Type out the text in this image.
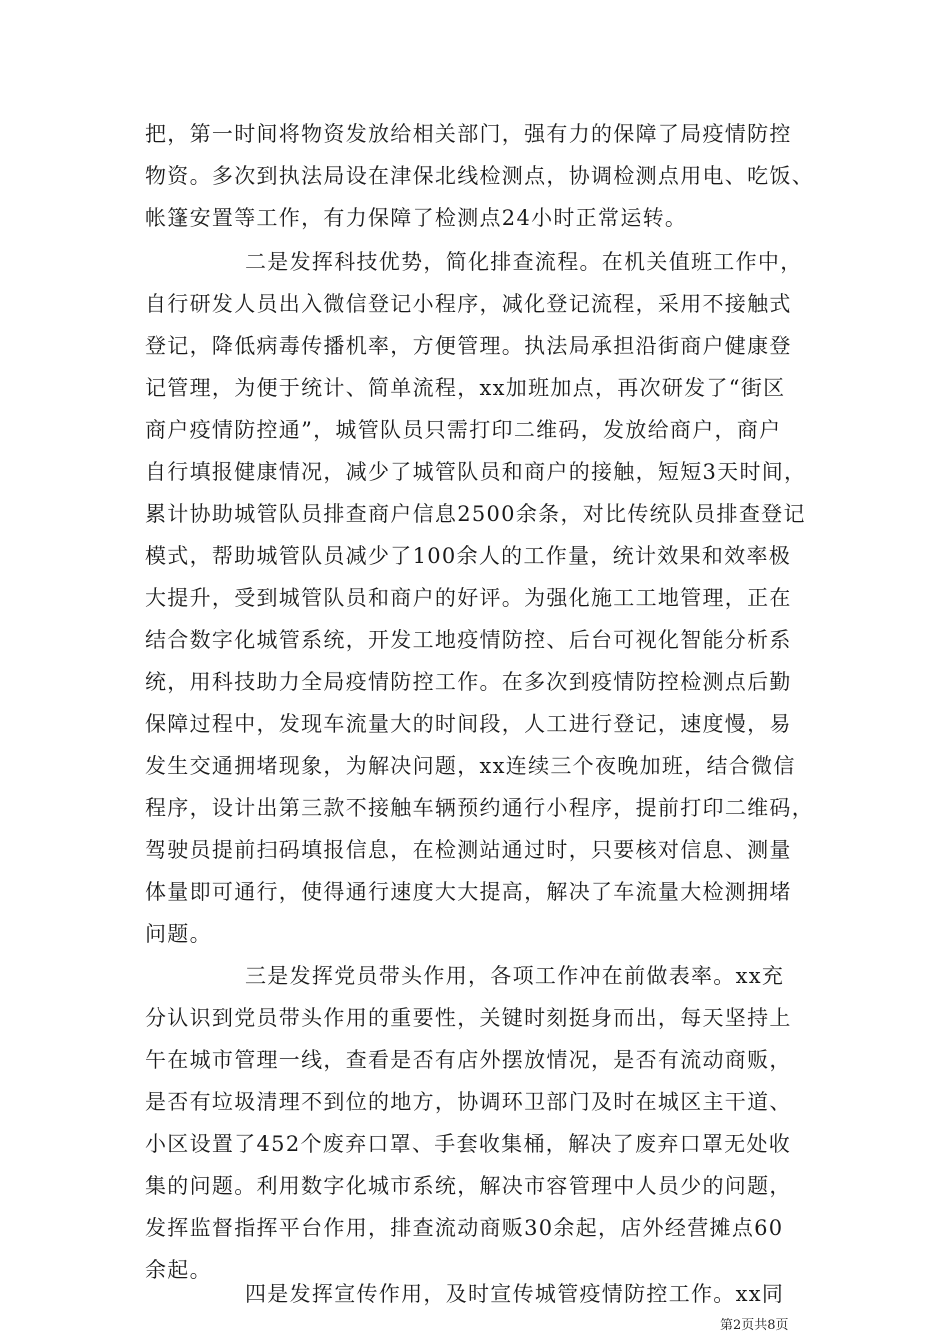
把，第一时间将物资发放给相关部门，强有力的保障了局疫情防控
物资。多次到执法局设在津保北线检测点，协调检测点用电、吃饭、
帐篷安置等工作，有力保障了检测点24小时正常运转。
二是发挥科技优势，简化排查流程。在机关值班工作中，
自行研发人员出入微信登记小程序，减化登记流程，采用不接触式
登记，降低病毒传播机率，方便管理。执法局承担沿街商户健康登
记管理，为便于统计、简单流程，xx加班加点，再次研发了“街区
商户疫情防控通”，城管队员只需打印二维码，发放给商户，商户
自行填报健康情况，减少了城管队员和商户的接触，短短3天时间，
累计协助城管队员排查商户信息2500余条，对比传统队员排查登记
模式，帮助城管队员减少了100余人的工作量，统计效果和效率极
大提升，受到城管队员和商户的好评。为强化施工工地管理，正在
结合数字化城管系统，开发工地疫情防控、后台可视化智能分析系
统，用科技助力全局疫情防控工作。在多次到疫情防控检测点后勤
保障过程中，发现车流量大的时间段，人工进行登记，速度慢，易
发生交通拥堵现象，为解决问题，xx连续三个夜晚加班，结合微信
程序，设计出第三款不接触车辆预约通行小程序，提前打印二维码，
驾驶员提前扫码填报信息，在检测站通过时，只要核对信息、测量
体量即可通行，使得通行速度大大提高，解决了车流量大检测拥堵
问题。
三是发挥党员带头作用，各项工作冲在前做表率。xx充
分认识到党员带头作用的重要性，关键时刻挺身而出，每天坚持上
午在城市管理一线，查看是否有店外摆放情况，是否有流动商贩，
是否有垃圾清理不到位的地方，协调环卫部门及时在城区主干道、
小区设置了452个废弃口罩、手套收集桶，解决了废弃口罩无处收
集的问题。利用数字化城市系统，解决市容管理中人员少的问题，
发挥监督指挥平台作用，排查流动商贩30余起，店外经营摊点60
余起。
四是发挥宣传作用，及时宣传城管疫情防控工作。xx同
第2页共8页
